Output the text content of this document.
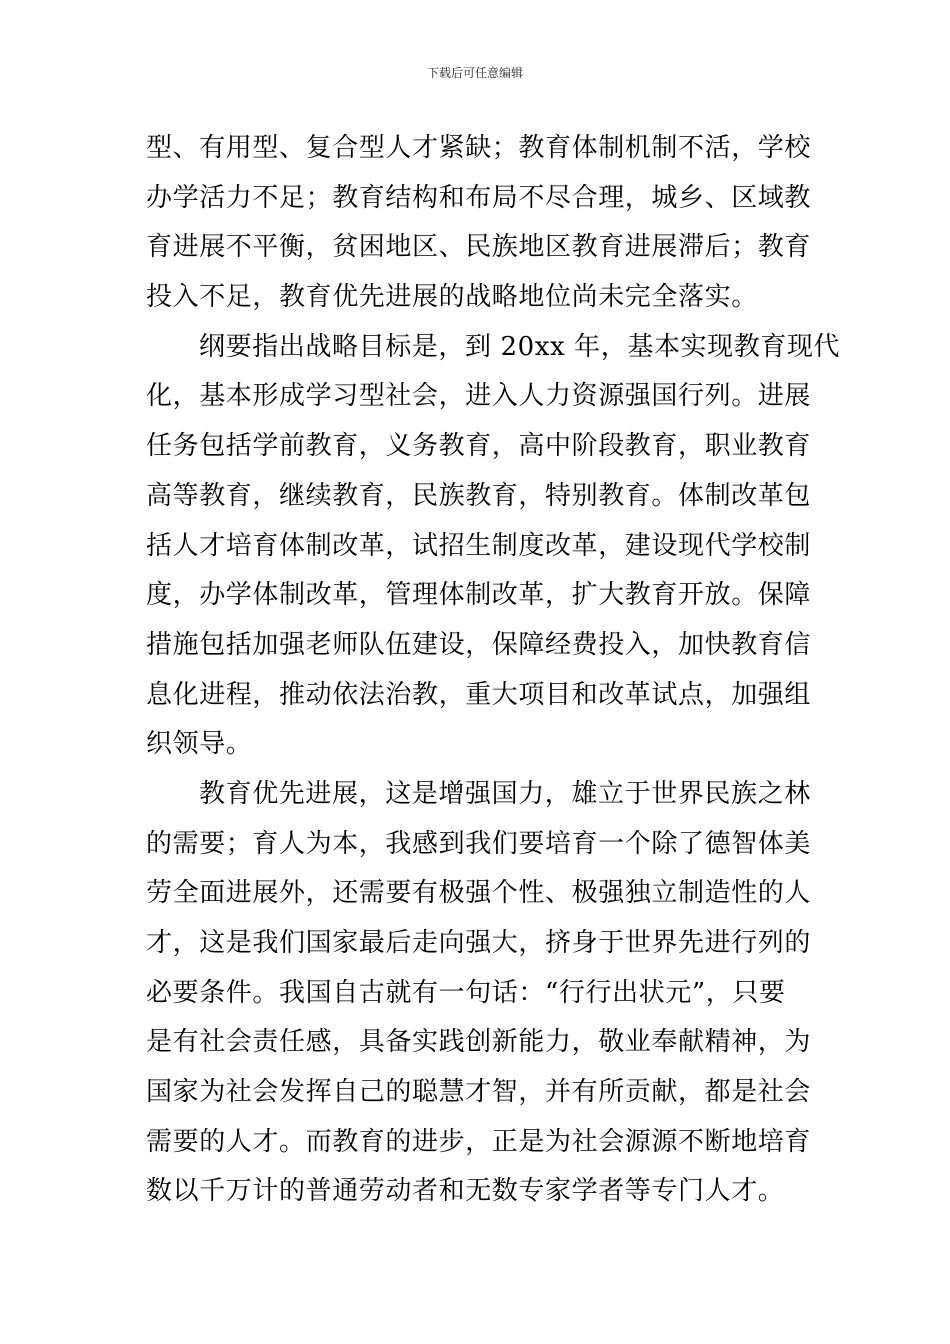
下载后可任意编辑
型、有用型、复合型人才紧缺；教育体制机制不活，学校
办学活力不足；教育结构和布局不尽合理，城乡、区域教
育进展不平衡，贫困地区、民族地区教育进展滞后；教育
投入不足，教育优先进展的战略地位尚未完全落实。
纲要指出战略目标是，到 20xx 年，基本实现教育现代
化，基本形成学习型社会，进入人力资源强国行列。进展
任务包括学前教育，义务教育，高中阶段教育，职业教育
高等教育，继续教育，民族教育，特别教育。体制改革包
括人才培育体制改革，试招生制度改革，建设现代学校制
度，办学体制改革，管理体制改革，扩大教育开放。保障
措施包括加强老师队伍建设，保障经费投入，加快教育信
息化进程，推动依法治教，重大项目和改革试点，加强组
织领导。
教育优先进展，这是增强国力，雄立于世界民族之林
的需要；育人为本，我感到我们要培育一个除了德智体美
劳全面进展外，还需要有极强个性、极强独立制造性的人
才，这是我们国家最后走向强大，挤身于世界先进行列的
必要条件。我国自古就有一句话：“行行出状元”，只要
是有社会责任感，具备实践创新能力，敬业奉献精神，为
国家为社会发挥自己的聪慧才智，并有所贡献，都是社会
需要的人才。而教育的进步，正是为社会源源不断地培育
数以千万计的普通劳动者和无数专家学者等专门人才。
